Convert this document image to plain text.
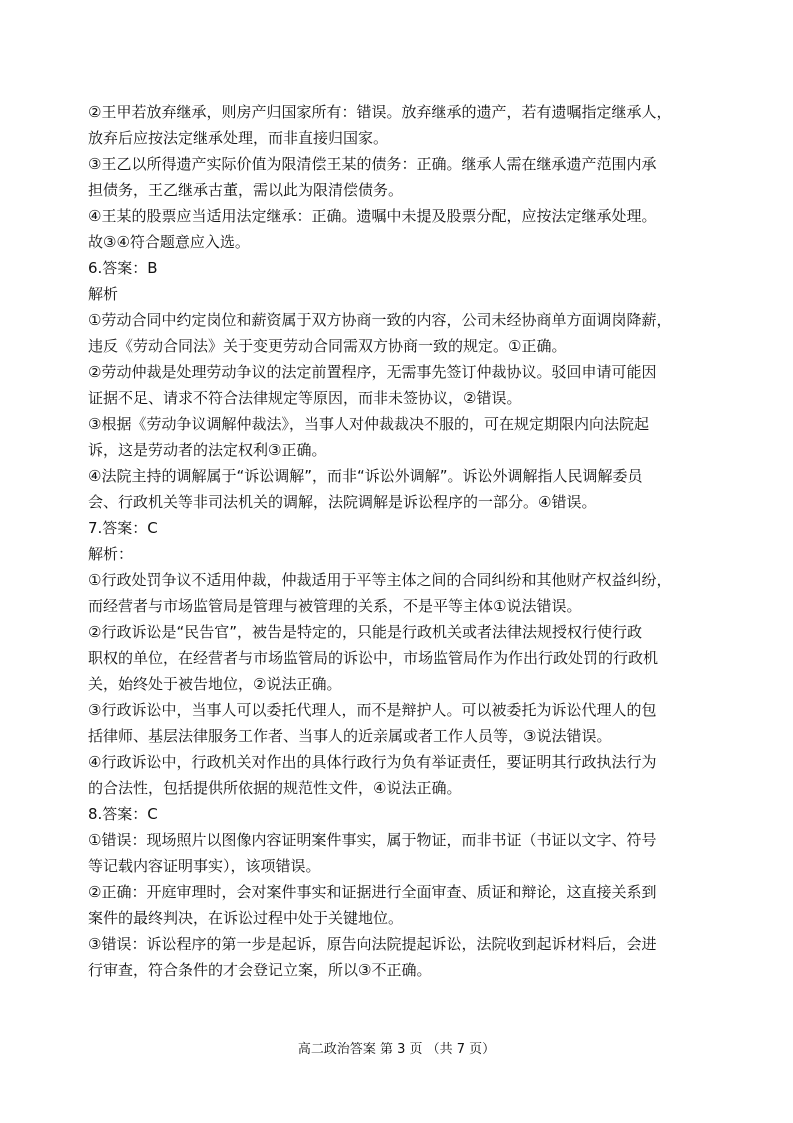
②王甲若放弃继承，则房产归国家所有：错误。放弃继承的遗产，若有遗嘱指定继承人，
放弃后应按法定继承处理，而非直接归国家。
③王乙以所得遗产实际价值为限清偿王某的债务：正确。继承人需在继承遗产范围内承
担债务，王乙继承古董，需以此为限清偿债务。
④王某的股票应当适用法定继承：正确。遗嘱中未提及股票分配，应按法定继承处理。
故③④符合题意应入选。
6.答案：B
解析
①劳动合同中约定岗位和薪资属于双方协商一致的内容，公司未经协商单方面调岗降薪，
违反《劳动合同法》关于变更劳动合同需双方协商一致的规定。①正确。
②劳动仲裁是处理劳动争议的法定前置程序，无需事先签订仲裁协议。驳回申请可能因
证据不足、请求不符合法律规定等原因，而非未签协议，②错误。
③根据《劳动争议调解仲裁法》，当事人对仲裁裁决不服的，可在规定期限内向法院起
诉，这是劳动者的法定权利③正确。
④法院主持的调解属于“诉讼调解”，而非“诉讼外调解”。诉讼外调解指人民调解委员
会、行政机关等非司法机关的调解，法院调解是诉讼程序的一部分。④错误。
7.答案：C
解析：
①行政处罚争议不适用仲裁，仲裁适用于平等主体之间的合同纠纷和其他财产权益纠纷，
而经营者与市场监管局是管理与被管理的关系，不是平等主体①说法错误。
②行政诉讼是“民告官”，被告是特定的，只能是行政机关或者法律法规授权行使行政
职权的单位，在经营者与市场监管局的诉讼中，市场监管局作为作出行政处罚的行政机
关，始终处于被告地位，②说法正确。
③行政诉讼中，当事人可以委托代理人，而不是辩护人。可以被委托为诉讼代理人的包
括律师、基层法律服务工作者、当事人的近亲属或者工作人员等，③说法错误。
④行政诉讼中，行政机关对作出的具体行政行为负有举证责任，要证明其行政执法行为
的合法性，包括提供所依据的规范性文件，④说法正确。
8.答案：C
①错误：现场照片以图像内容证明案件事实，属于物证，而非书证（书证以文字、符号
等记载内容证明事实），该项错误。
②正确：开庭审理时，会对案件事实和证据进行全面审查、质证和辩论，这直接关系到
案件的最终判决，在诉讼过程中处于关键地位。
③错误：诉讼程序的第一步是起诉，原告向法院提起诉讼，法院收到起诉材料后，会进
行审查，符合条件的才会登记立案，所以③不正确。
高二政治答案 第 3 页 （共 7 页）
